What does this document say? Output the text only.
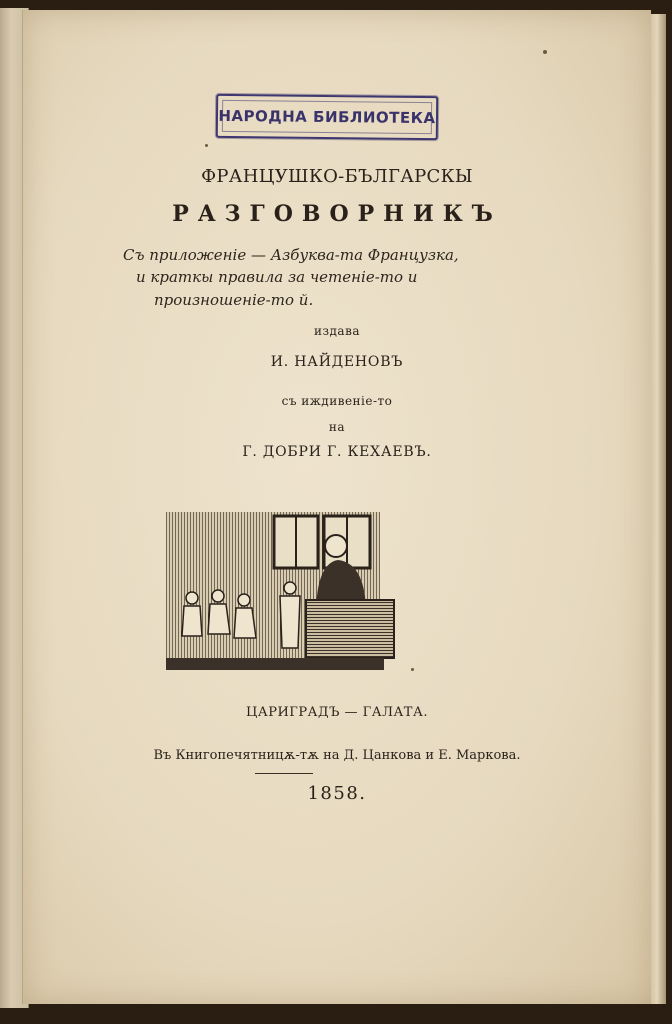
НАРОДНА БИБЛИОТЕКА
ФРАНЦУШКО-БЪЛГАРСКЫ
РАЗГОВОРНИКЪ
Съ приложеніе — Азбуква-та Французка,
и краткы правила за четеніе-то и
произношеніе-то й.
издава
И. НАЙДЕНОВЪ
съ иждивеніе-то
на
Г. ДОБРИ Г. КЕХАЕВЪ.
ЦАРИГРАДЪ — ГАЛАТА.
Въ Книгопечятницѫ-тѫ на Д. Цанкова и Е. Маркова.
1858.
